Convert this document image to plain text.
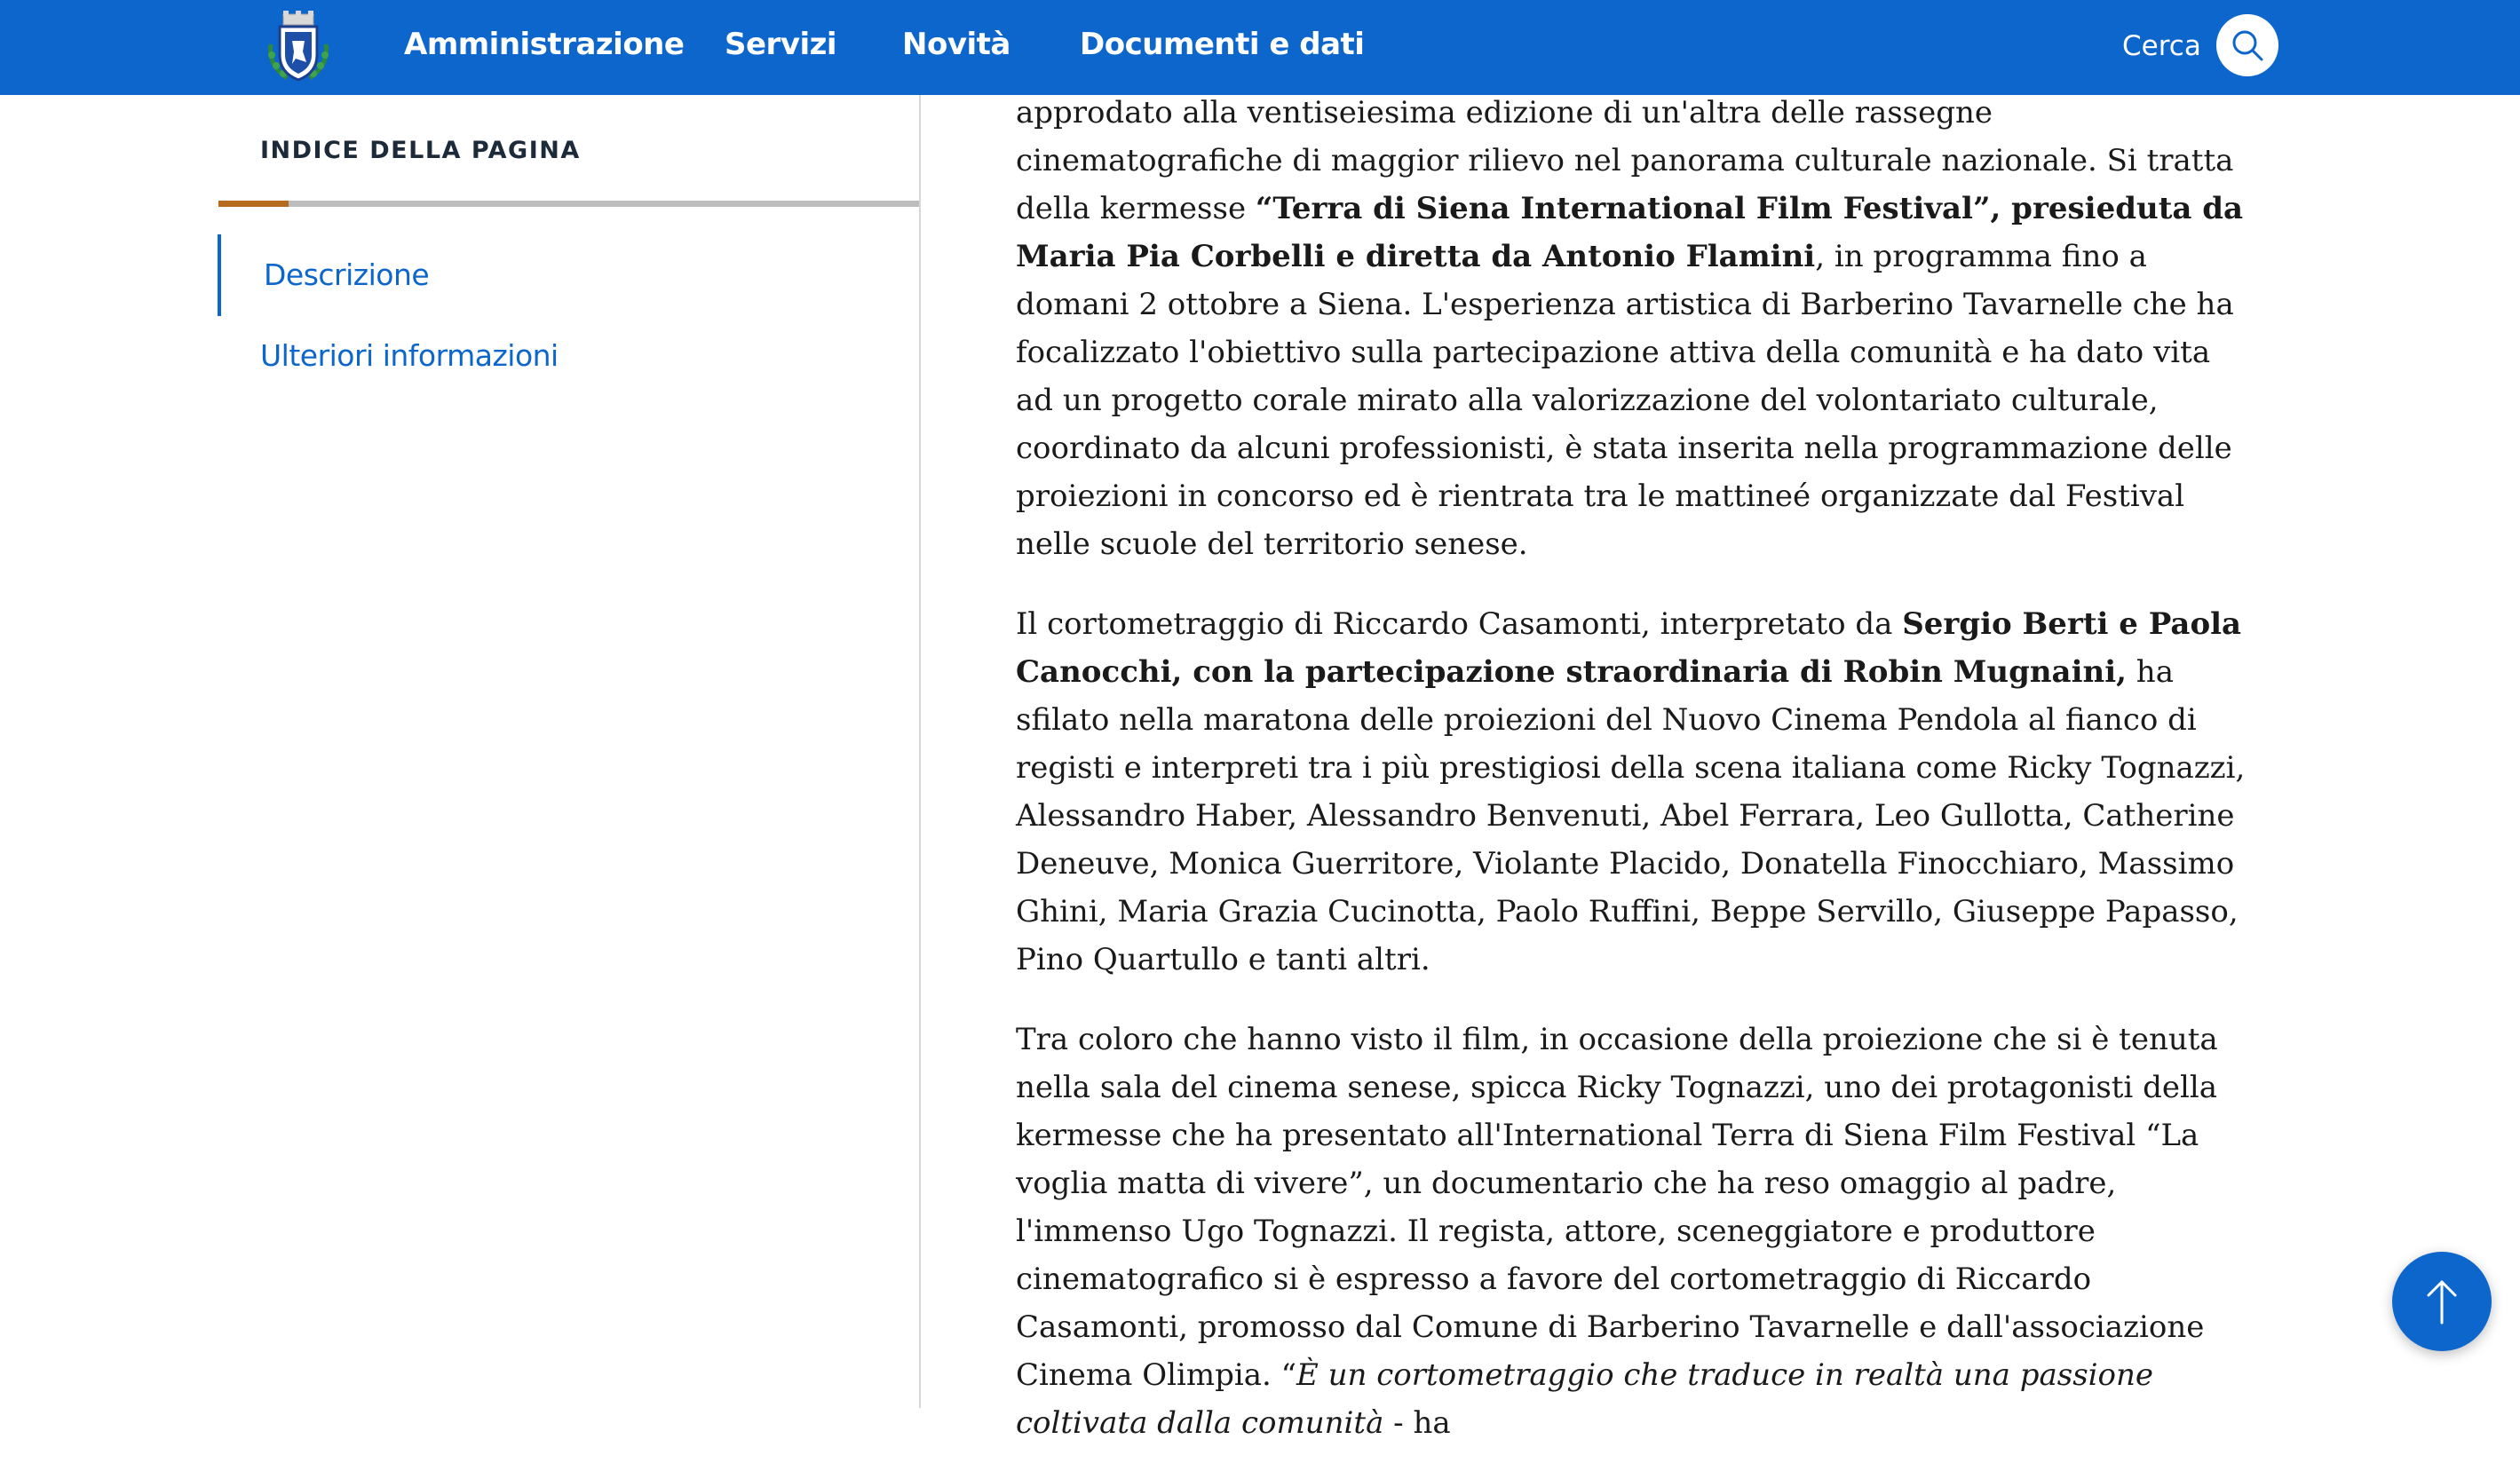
Amministrazione Servizi Novità Documenti e dati	Cerca
INDICE DELLA PAGINA
Descrizione
Ulteriori informazioni

approdato alla ventiseiesima edizione di un'altra delle rassegne cinematografiche di maggior rilievo nel panorama culturale nazionale. Si tratta della kermesse “Terra di Siena International Film Festival”, presieduta da Maria Pia Corbelli e diretta da Antonio Flamini, in programma fino a domani 2 ottobre a Siena. L'esperienza artistica di Barberino Tavarnelle che ha focalizzato l'obiettivo sulla partecipazione attiva della comunità e ha dato vita ad un progetto corale mirato alla valorizzazione del volontariato culturale, coordinato da alcuni professionisti, è stata inserita nella programmazione delle proiezioni in concorso ed è rientrata tra le mattineé organizzate dal Festival nelle scuole del territorio senese.

Il cortometraggio di Riccardo Casamonti, interpretato da Sergio Berti e Paola Canocchi, con la partecipazione straordinaria di Robin Mugnaini, ha sfilato nella maratona delle proiezioni del Nuovo Cinema Pendola al fianco di registi e interpreti tra i più prestigiosi della scena italiana come Ricky Tognazzi, Alessandro Haber, Alessandro Benvenuti, Abel Ferrara, Leo Gullotta, Catherine Deneuve, Monica Guerritore, Violante Placido, Donatella Finocchiaro, Massimo Ghini, Maria Grazia Cucinotta, Paolo Ruffini, Beppe Servillo, Giuseppe Papasso, Pino Quartullo e tanti altri.

Tra coloro che hanno visto il film, in occasione della proiezione che si è tenuta nella sala del cinema senese, spicca Ricky Tognazzi, uno dei protagonisti della kermesse che ha presentato all'International Terra di Siena Film Festival “La voglia matta di vivere”, un documentario che ha reso omaggio al padre, l'immenso Ugo Tognazzi. Il regista, attore, sceneggiatore e produttore cinematografico si è espresso a favore del cortometraggio di Riccardo Casamonti, promosso dal Comune di Barberino Tavarnelle e dall'associazione Cinema Olimpia. “È un cortometraggio che traduce in realtà una passione coltivata dalla comunità - ha
